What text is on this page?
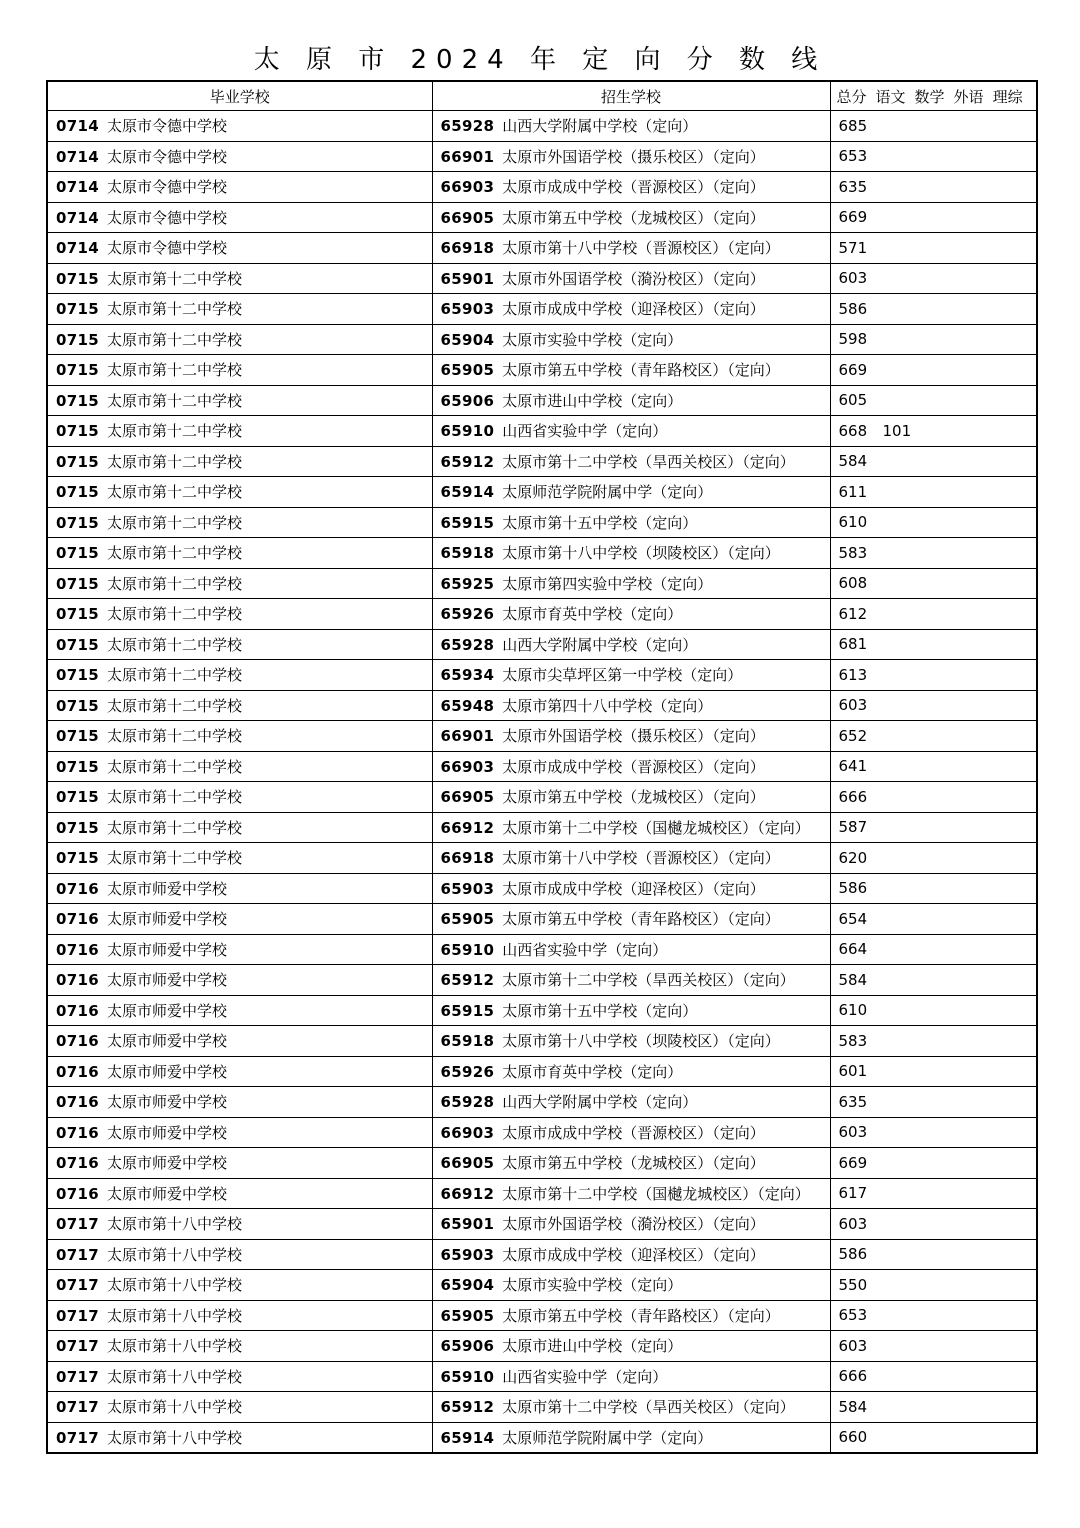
太 原 市 2024 年 定 向 分 数 线
毕业学校	招生学校	总分 语文 数学 外语 理综
0714 太原市令德中学校	65928 山西大学附属中学校（定向）	685
0714 太原市令德中学校	66901 太原市外国语学校（摄乐校区）（定向）	653
0714 太原市令德中学校	66903 太原市成成中学校（晋源校区）（定向）	635
0714 太原市令德中学校	66905 太原市第五中学校（龙城校区）（定向）	669
0714 太原市令德中学校	66918 太原市第十八中学校（晋源校区）（定向）	571
0715 太原市第十二中学校	65901 太原市外国语学校（漪汾校区）（定向）	603
0715 太原市第十二中学校	65903 太原市成成中学校（迎泽校区）（定向）	586
0715 太原市第十二中学校	65904 太原市实验中学校（定向）	598
0715 太原市第十二中学校	65905 太原市第五中学校（青年路校区）（定向）	669
0715 太原市第十二中学校	65906 太原市进山中学校（定向）	605
0715 太原市第十二中学校	65910 山西省实验中学（定向）	668 101
0715 太原市第十二中学校	65912 太原市第十二中学校（旱西关校区）（定向）	584
0715 太原市第十二中学校	65914 太原师范学院附属中学（定向）	611
0715 太原市第十二中学校	65915 太原市第十五中学校（定向）	610
0715 太原市第十二中学校	65918 太原市第十八中学校（坝陵校区）（定向）	583
0715 太原市第十二中学校	65925 太原市第四实验中学校（定向）	608
0715 太原市第十二中学校	65926 太原市育英中学校（定向）	612
0715 太原市第十二中学校	65928 山西大学附属中学校（定向）	681
0715 太原市第十二中学校	65934 太原市尖草坪区第一中学校（定向）	613
0715 太原市第十二中学校	65948 太原市第四十八中学校（定向）	603
0715 太原市第十二中学校	66901 太原市外国语学校（摄乐校区）（定向）	652
0715 太原市第十二中学校	66903 太原市成成中学校（晋源校区）（定向）	641
0715 太原市第十二中学校	66905 太原市第五中学校（龙城校区）（定向）	666
0715 太原市第十二中学校	66912 太原市第十二中学校（国樾龙城校区）（定向）	587
0715 太原市第十二中学校	66918 太原市第十八中学校（晋源校区）（定向）	620
0716 太原市师爱中学校	65903 太原市成成中学校（迎泽校区）（定向）	586
0716 太原市师爱中学校	65905 太原市第五中学校（青年路校区）（定向）	654
0716 太原市师爱中学校	65910 山西省实验中学（定向）	664
0716 太原市师爱中学校	65912 太原市第十二中学校（旱西关校区）（定向）	584
0716 太原市师爱中学校	65915 太原市第十五中学校（定向）	610
0716 太原市师爱中学校	65918 太原市第十八中学校（坝陵校区）（定向）	583
0716 太原市师爱中学校	65926 太原市育英中学校（定向）	601
0716 太原市师爱中学校	65928 山西大学附属中学校（定向）	635
0716 太原市师爱中学校	66903 太原市成成中学校（晋源校区）（定向）	603
0716 太原市师爱中学校	66905 太原市第五中学校（龙城校区）（定向）	669
0716 太原市师爱中学校	66912 太原市第十二中学校（国樾龙城校区）（定向）	617
0717 太原市第十八中学校	65901 太原市外国语学校（漪汾校区）（定向）	603
0717 太原市第十八中学校	65903 太原市成成中学校（迎泽校区）（定向）	586
0717 太原市第十八中学校	65904 太原市实验中学校（定向）	550
0717 太原市第十八中学校	65905 太原市第五中学校（青年路校区）（定向）	653
0717 太原市第十八中学校	65906 太原市进山中学校（定向）	603
0717 太原市第十八中学校	65910 山西省实验中学（定向）	666
0717 太原市第十八中学校	65912 太原市第十二中学校（旱西关校区）（定向）	584
0717 太原市第十八中学校	65914 太原师范学院附属中学（定向）	660
